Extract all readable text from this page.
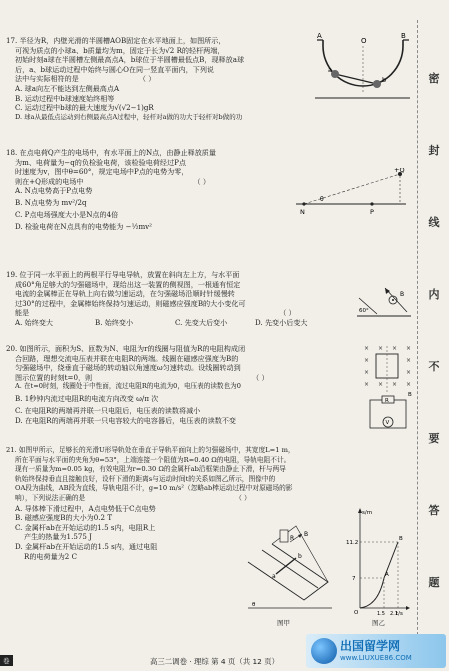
17. 半径为R，内壁光滑的半圆槽AOB固定在水平地面上，如图所示，

可视为质点的小球a、b质量均为m，固定于长为√2 R的轻杆两端，

初始时刻a球在半圆槽左侧最高点A，b球位于半圆槽最低点B，现释放a球

后，a、b球运动过程中始终与圆心O在同一竖直平面内，下列说

法中与实际相符的是	（ ）

A. 球a向左不能达到左侧最高点A

B. 运动过程中b球速度始终相等

C. 运动过程中b球的最大速度为√(√2−1)gR

D. 球a从最低点运动到右侧最高点A过程中，轻杆对a做的功大于轻杆对b做的功

A	B
O
a
b

18. 在点电荷Q产生的电场中，有水平面上的N点，由静止释放质量

为m、电荷量为−q的负检验电荷，该检验电荷经过P点

时速度为v，图中θ=60°，规定电场中P点的电势为零，

则在+Q形成的电场中	（ ）

A. N点电势高于P点电势

B. N点电势为 mv²/2q

C. P点电场强度大小是N点的4倍

D. 检验电荷在N点具有的电势能为 −½mv²

+Q
N	P
θ

19. 位于同一水平面上的两根平行导电导轨，放置在斜向左上方，与水平面

成60°角足够大的匀强磁场中，现给出这一装置的侧视图，一根通有恒定

电流的金属棒正在导轨上向右做匀速运动，在匀强磁场沿顺时针缓慢转

过30°的过程中，金属棒始终保持匀速运动，则磁感应强度B的大小变化可

能是	（ ）

A. 始终变大	B. 始终变小	C. 先变大后变小	D. 先变小后变大

60°
B

20. 如图所示，面积为S、匝数为N、电阻为r的线圈与阻值为R的电阻构成闭

合回路，理想交流电压表并联在电阻R的两端。线圈在磁感应强度为B的

匀强磁场中，绕垂直于磁场的转动轴以角速度ω匀速转动。设线圈转动到

图示位置的时刻t=0，则	（ ）

A. 在t=0时刻，线圈处于中性面，流过电阻R的电流为0，电压表的读数也为0

B. 1秒钟内流过电阻R的电流方向改变 ω/π 次

C. 在电阻R的两端再并联一只电阻后，电压表的读数将减小

D. 在电阻R的两端再并联一只电容较大的电容器后，电压表的读数不变

× × × ×
×	×
×	×
× × × ×
R
V
B

21. 如图甲所示，足够长的光滑U形导轨处在垂直于导轨平面向上的匀强磁场中，其宽度L=1 m，

所在平面与水平面的夹角为θ=53°，上端连接一个阻值为R=0.40 Ω的电阻，导轨电阻不计。

现有一质量为m=0.05 kg，有效电阻为r=0.30 Ω的金属杆ab沿框架由静止下滑，杆与两导

轨始终保持垂直且接触良好，设杆下滑的距离s与运动时间t的关系如图乙所示，图像中的

OA段为曲线，AB段为直线，导轨电阻不计，g=10 m/s²（忽略ab棒运动过程中对原磁场的影

响），下列说法正确的是	（ ）

A. 导体棒下滑过程中，A点电势低于C点电势

B. 磁感应强度B的大小为0.2 T

C. 金属杆ab在开始运动的1.5 s内，电阻R上

产生的热量为1.575 J

D. 金属杆ab在开始运动的1.5 s内，通过电阻

R的电荷量为2 C

a
b
R
B
θ
图甲
s/m
t/s
11.2
7
1.5 2.1
O
A
B
图乙
密
封
线
内
不
要
答
题
卷	高三二调卷 · 理综 第 4 页（共 12 页）
出国留学网
www.LIUXUE86.COM
